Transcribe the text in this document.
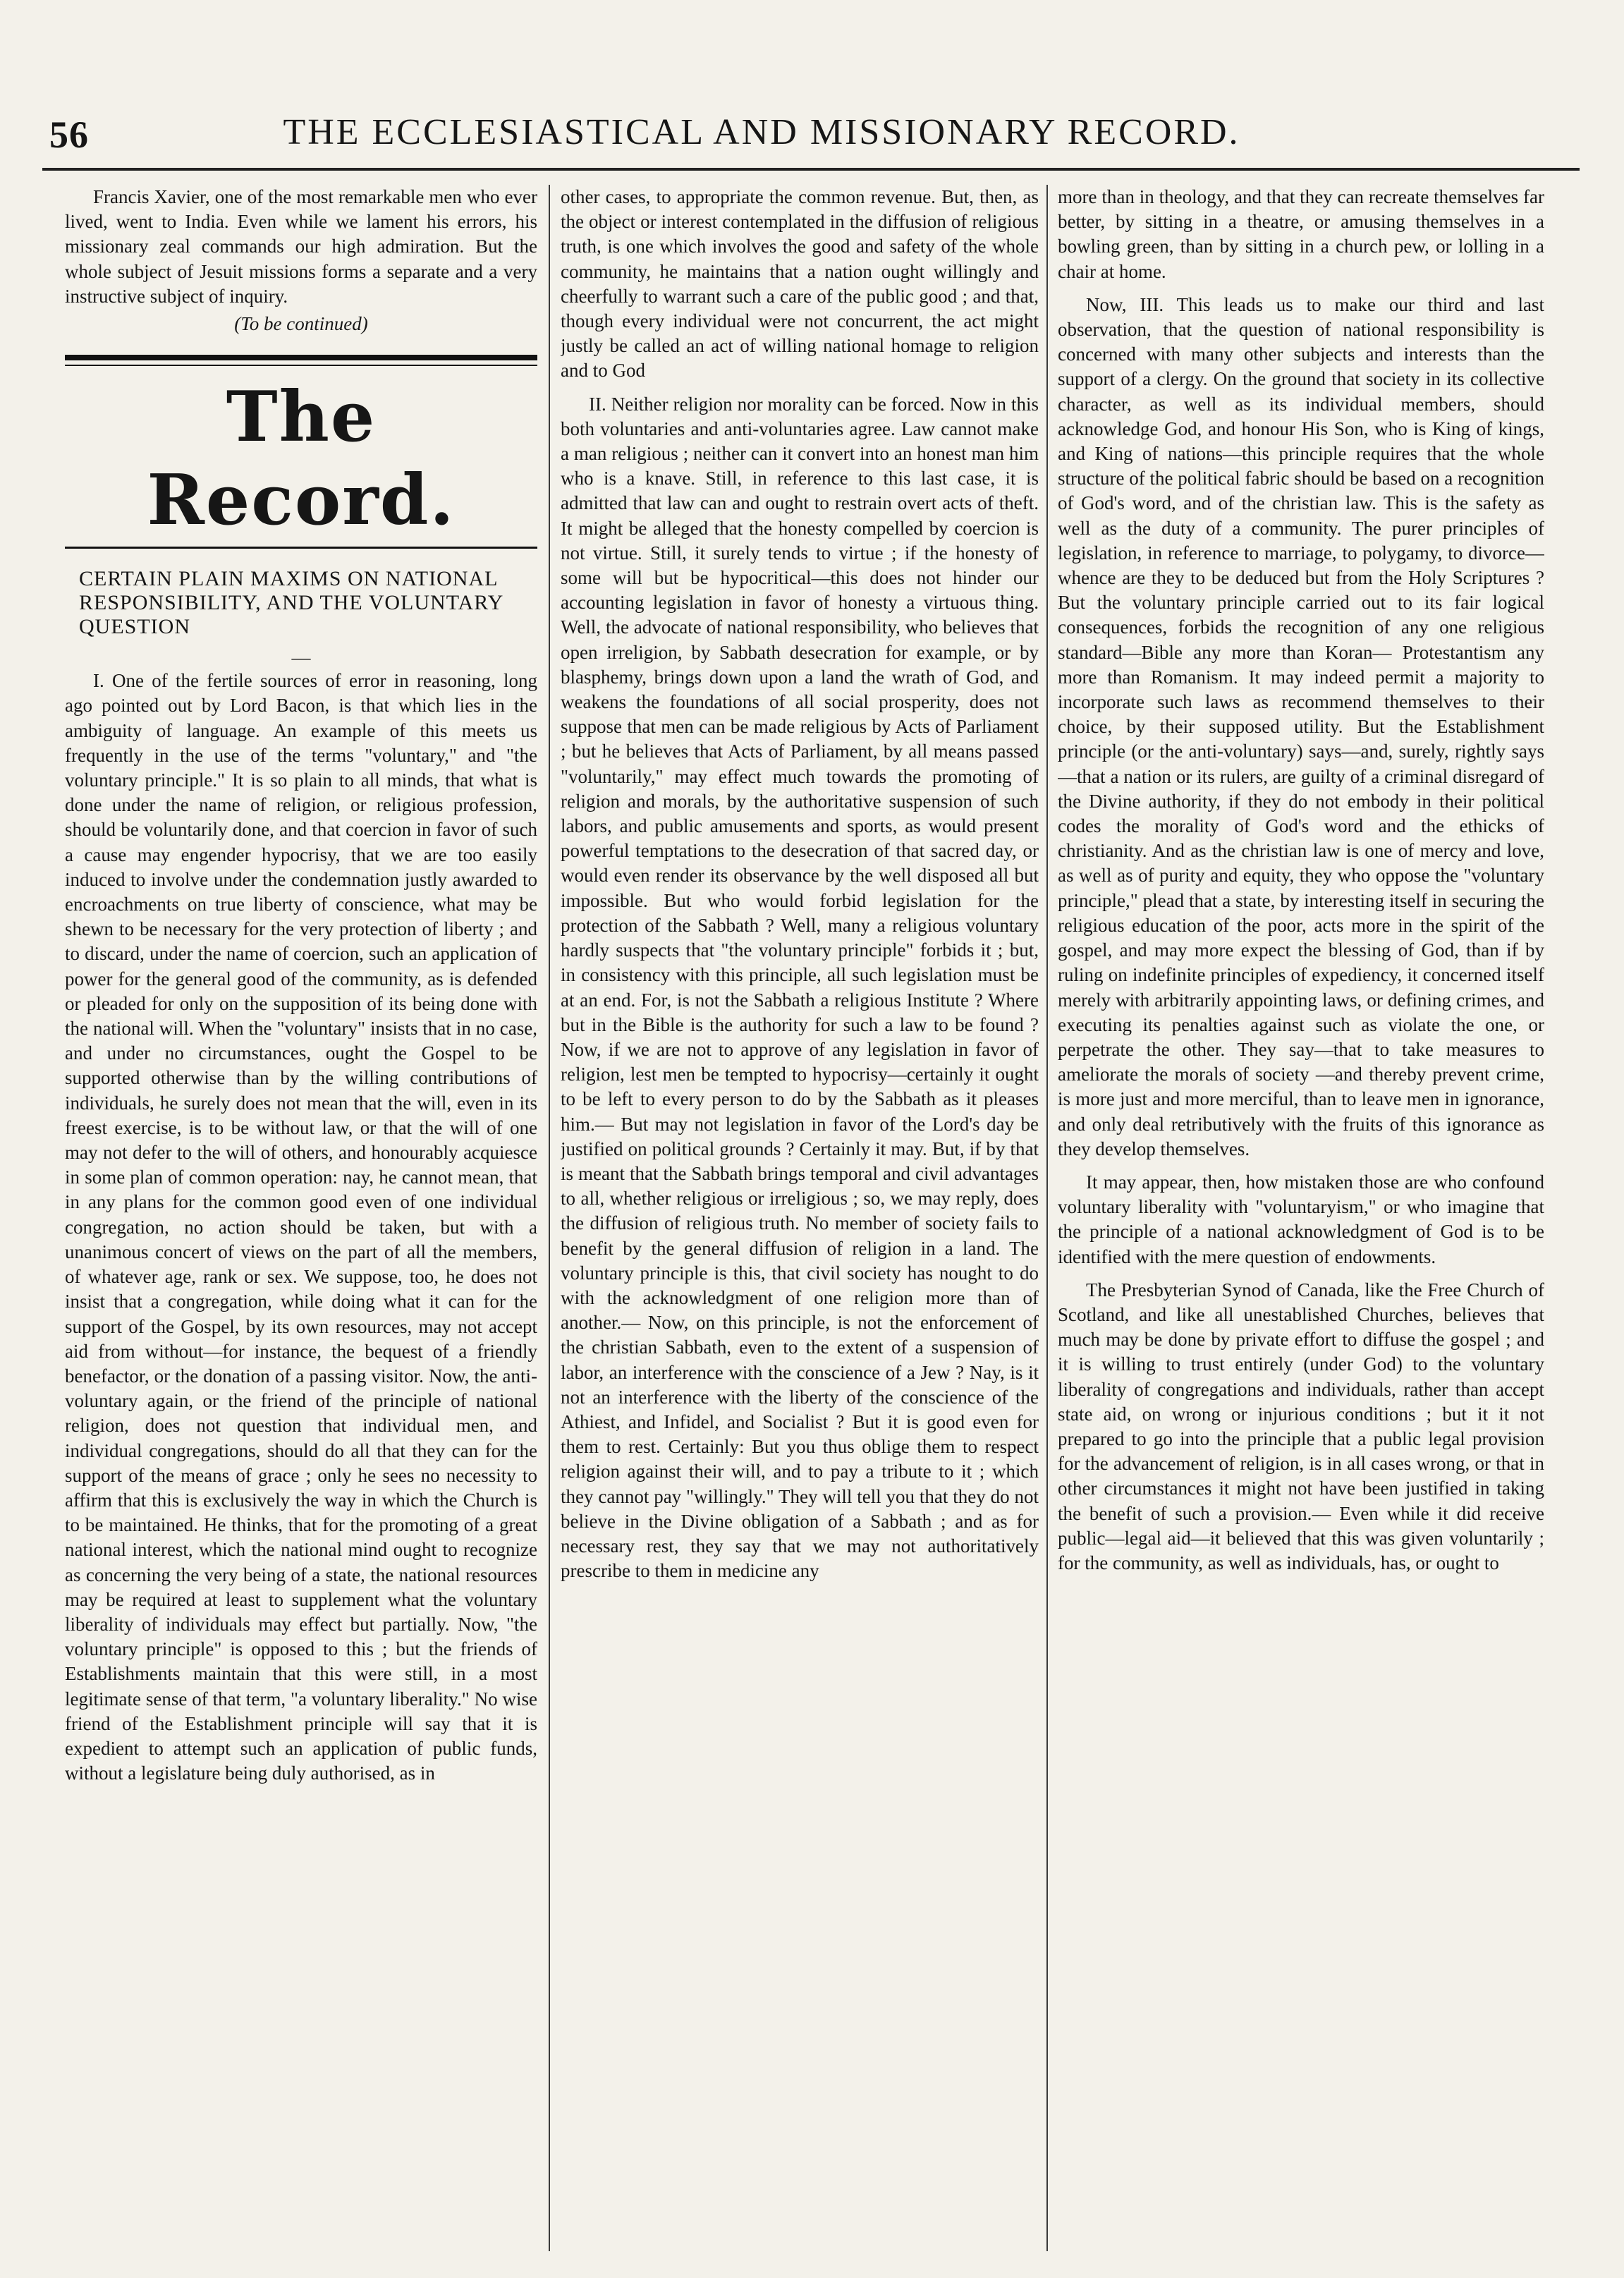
56	THE ECCLESIASTICAL AND MISSIONARY RECORD.

Francis Xavier, one of the most remarkable men who ever lived, went to India. Even while we lament his errors, his missionary zeal commands our high admiration. But the whole subject of Jesuit missions forms a separate and a very instructive subject of inquiry.

(To be continued)

The Record.
CERTAIN PLAIN MAXIMS ON NATIONAL RESPONSIBILITY, AND THE VOLUNTARY QUESTION
—

I. One of the fertile sources of error in reasoning, long ago pointed out by Lord Bacon, is that which lies in the ambiguity of language. An example of this meets us frequently in the use of the terms "voluntary," and "the voluntary principle." It is so plain to all minds, that what is done under the name of religion, or religious profession, should be voluntarily done, and that coercion in favor of such a cause may engender hypocrisy, that we are too easily induced to involve under the condemnation justly awarded to encroachments on true liberty of conscience, what may be shewn to be necessary for the very protection of liberty ; and to discard, under the name of coercion, such an application of power for the general good of the community, as is defended or pleaded for only on the supposition of its being done with the national will. When the "voluntary" insists that in no case, and under no circumstances, ought the Gospel to be supported otherwise than by the willing contributions of individuals, he surely does not mean that the will, even in its freest exercise, is to be without law, or that the will of one may not defer to the will of others, and honourably acquiesce in some plan of common operation: nay, he cannot mean, that in any plans for the common good even of one individual congregation, no action should be taken, but with a unanimous concert of views on the part of all the members, of whatever age, rank or sex. We suppose, too, he does not insist that a congregation, while doing what it can for the support of the Gospel, by its own resources, may not accept aid from without—for instance, the bequest of a friendly benefactor, or the donation of a passing visitor. Now, the anti-voluntary again, or the friend of the principle of national religion, does not question that individual men, and individual congregations, should do all that they can for the support of the means of grace ; only he sees no necessity to affirm that this is exclusively the way in which the Church is to be maintained. He thinks, that for the promoting of a great national interest, which the national mind ought to recognize as concerning the very being of a state, the national resources may be required at least to supplement what the voluntary liberality of individuals may effect but partially. Now, "the voluntary principle" is opposed to this ; but the friends of Establishments maintain that this were still, in a most legitimate sense of that term, "a voluntary liberality." No wise friend of the Establishment principle will say that it is expedient to attempt such an application of public funds, without a legislature being duly authorised, as in

other cases, to appropriate the common revenue. But, then, as the object or interest contemplated in the diffusion of religious truth, is one which involves the good and safety of the whole community, he maintains that a nation ought willingly and cheerfully to warrant such a care of the public good ; and that, though every individual were not concurrent, the act might justly be called an act of willing national homage to religion and to God

II. Neither religion nor morality can be forced. Now in this both voluntaries and anti-voluntaries agree. Law cannot make a man religious ; neither can it convert into an honest man him who is a knave. Still, in reference to this last case, it is admitted that law can and ought to restrain overt acts of theft. It might be alleged that the honesty compelled by coercion is not virtue. Still, it surely tends to virtue ; if the honesty of some will but be hypocritical—this does not hinder our accounting legislation in favor of honesty a virtuous thing. Well, the advocate of national responsibility, who believes that open irreligion, by Sabbath desecration for example, or by blasphemy, brings down upon a land the wrath of God, and weakens the foundations of all social prosperity, does not suppose that men can be made religious by Acts of Parliament ; but he believes that Acts of Parliament, by all means passed "voluntarily," may effect much towards the promoting of religion and morals, by the authoritative suspension of such labors, and public amusements and sports, as would present powerful temptations to the desecration of that sacred day, or would even render its observance by the well disposed all but impossible. But who would forbid legislation for the protection of the Sabbath ? Well, many a religious voluntary hardly suspects that "the voluntary principle" forbids it ; but, in consistency with this principle, all such legislation must be at an end. For, is not the Sabbath a religious Institute ? Where but in the Bible is the authority for such a law to be found ? Now, if we are not to approve of any legislation in favor of religion, lest men be tempted to hypocrisy—certainly it ought to be left to every person to do by the Sabbath as it pleases him.— But may not legislation in favor of the Lord's day be justified on political grounds ? Certainly it may. But, if by that is meant that the Sabbath brings temporal and civil advantages to all, whether religious or irreligious ; so, we may reply, does the diffusion of religious truth. No member of society fails to benefit by the general diffusion of religion in a land. The voluntary principle is this, that civil society has nought to do with the acknowledgment of one religion more than of another.— Now, on this principle, is not the enforcement of the christian Sabbath, even to the extent of a suspension of labor, an interference with the conscience of a Jew ? Nay, is it not an interference with the liberty of the conscience of the Athiest, and Infidel, and Socialist ? But it is good even for them to rest. Certainly: But you thus oblige them to respect religion against their will, and to pay a tribute to it ; which they cannot pay "willingly." They will tell you that they do not believe in the Divine obligation of a Sabbath ; and as for necessary rest, they say that we may not authoritatively prescribe to them in medicine any

more than in theology, and that they can recreate themselves far better, by sitting in a theatre, or amusing themselves in a bowling green, than by sitting in a church pew, or lolling in a chair at home.

Now, III. This leads us to make our third and last observation, that the question of national responsibility is concerned with many other subjects and interests than the support of a clergy. On the ground that society in its collective character, as well as its individual members, should acknowledge God, and honour His Son, who is King of kings, and King of nations—this principle requires that the whole structure of the political fabric should be based on a recognition of God's word, and of the christian law. This is the safety as well as the duty of a community. The purer principles of legislation, in reference to marriage, to polygamy, to divorce—whence are they to be deduced but from the Holy Scriptures ? But the voluntary principle carried out to its fair logical consequences, forbids the recognition of any one religious standard—Bible any more than Koran— Protestantism any more than Romanism. It may indeed permit a majority to incorporate such laws as recommend themselves to their choice, by their supposed utility. But the Establishment principle (or the anti-voluntary) says—and, surely, rightly says—that a nation or its rulers, are guilty of a criminal disregard of the Divine authority, if they do not embody in their political codes the morality of God's word and the ethicks of christianity. And as the christian law is one of mercy and love, as well as of purity and equity, they who oppose the "voluntary principle," plead that a state, by interesting itself in securing the religious education of the poor, acts more in the spirit of the gospel, and may more expect the blessing of God, than if by ruling on indefinite principles of expediency, it concerned itself merely with arbitrarily appointing laws, or defining crimes, and executing its penalties against such as violate the one, or perpetrate the other. They say—that to take measures to ameliorate the morals of society —and thereby prevent crime, is more just and more merciful, than to leave men in ignorance, and only deal retributively with the fruits of this ignorance as they develop themselves.

It may appear, then, how mistaken those are who confound voluntary liberality with "voluntaryism," or who imagine that the principle of a national acknowledgment of God is to be identified with the mere question of endowments.

The Presbyterian Synod of Canada, like the Free Church of Scotland, and like all unestablished Churches, believes that much may be done by private effort to diffuse the gospel ; and it is willing to trust entirely (under God) to the voluntary liberality of congregations and individuals, rather than accept state aid, on wrong or injurious conditions ; but it it not prepared to go into the principle that a public legal provision for the advancement of religion, is in all cases wrong, or that in other circumstances it might not have been justified in taking the benefit of such a provision.— Even while it did receive public—legal aid—it believed that this was given voluntarily ; for the community, as well as individuals, has, or ought to
